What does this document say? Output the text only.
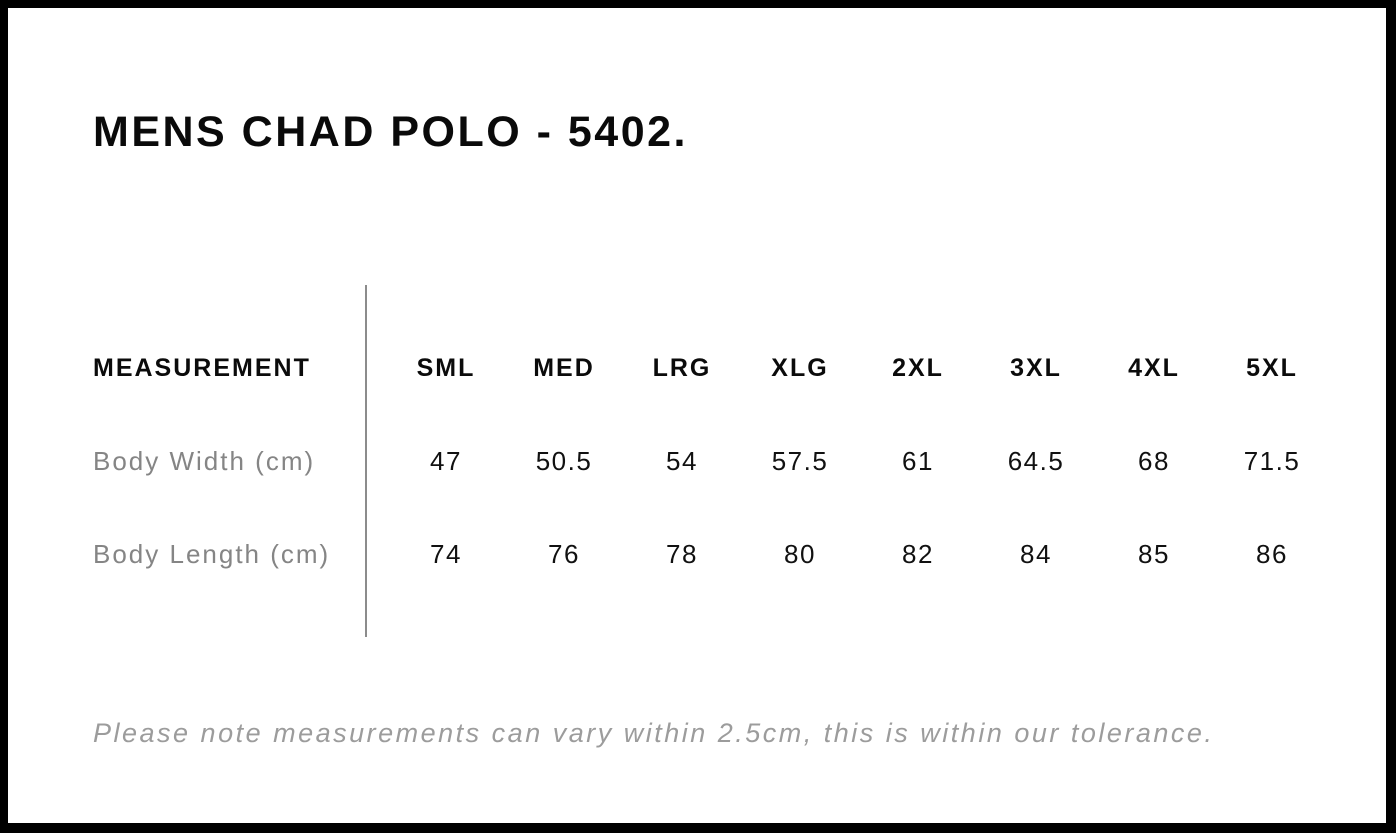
MENS CHAD POLO - 5402.
MEASUREMENT	SML	MED	LRG	XLG	2XL	3XL	4XL	5XL
Body Width (cm)	47	50.5	54	57.5	61	64.5	68	71.5
Body Length (cm)	74	76	78	80	82	84	85	86

Please note measurements can vary within 2.5cm, this is within our tolerance.
